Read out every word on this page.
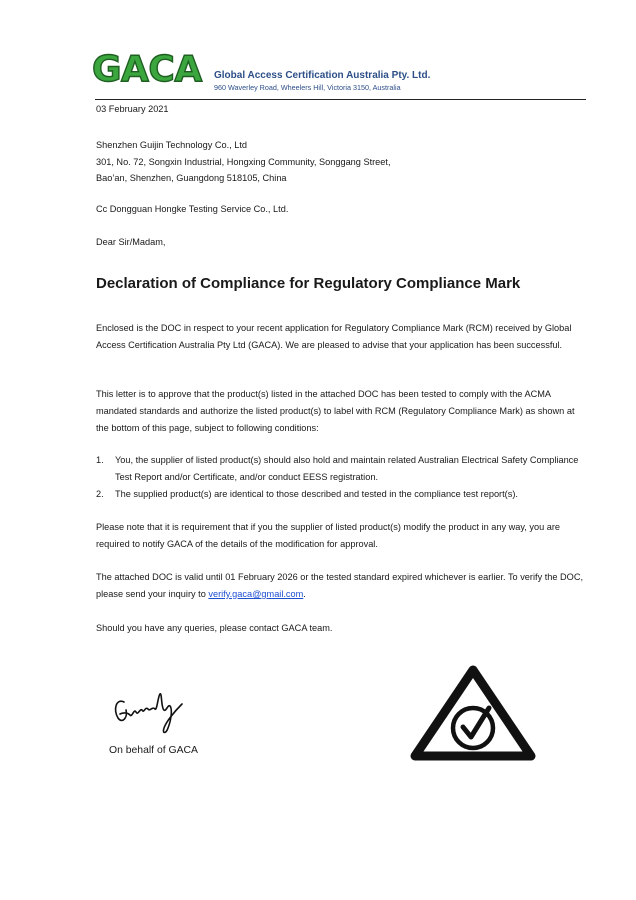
GACA Global Access Certification Australia Pty. Ltd.
960 Waverley Road, Wheelers Hill, Victoria 3150, Australia
03 February 2021
Shenzhen Guijin Technology Co., Ltd
301, No. 72, Songxin Industrial, Hongxing Community, Songgang Street,
Bao’an, Shenzhen, Guangdong 518105, China
Cc Dongguan Hongke Testing Service Co., Ltd.
Dear Sir/Madam,
Declaration of Compliance for Regulatory Compliance Mark
Enclosed is the DOC in respect to your recent application for Regulatory Compliance Mark (RCM) received by Global Access Certification Australia Pty Ltd (GACA). We are pleased to advise that your application has been successful.
This letter is to approve that the product(s) listed in the attached DOC has been tested to comply with the ACMA mandated standards and authorize the listed product(s) to label with RCM (Regulatory Compliance Mark) as shown at the bottom of this page, subject to following conditions:
1. You, the supplier of listed product(s) should also hold and maintain related Australian Electrical Safety Compliance Test Report and/or Certificate, and/or conduct EESS registration.
2. The supplied product(s) are identical to those described and tested in the compliance test report(s).
Please note that it is requirement that if you the supplier of listed product(s) modify the product in any way, you are required to notify GACA of the details of the modification for approval.
The attached DOC is valid until 01 February 2026 or the tested standard expired whichever is earlier. To verify the DOC, please send your inquiry to verify.gaca@gmail.com.
Should you have any queries, please contact GACA team.
On behalf of GACA
